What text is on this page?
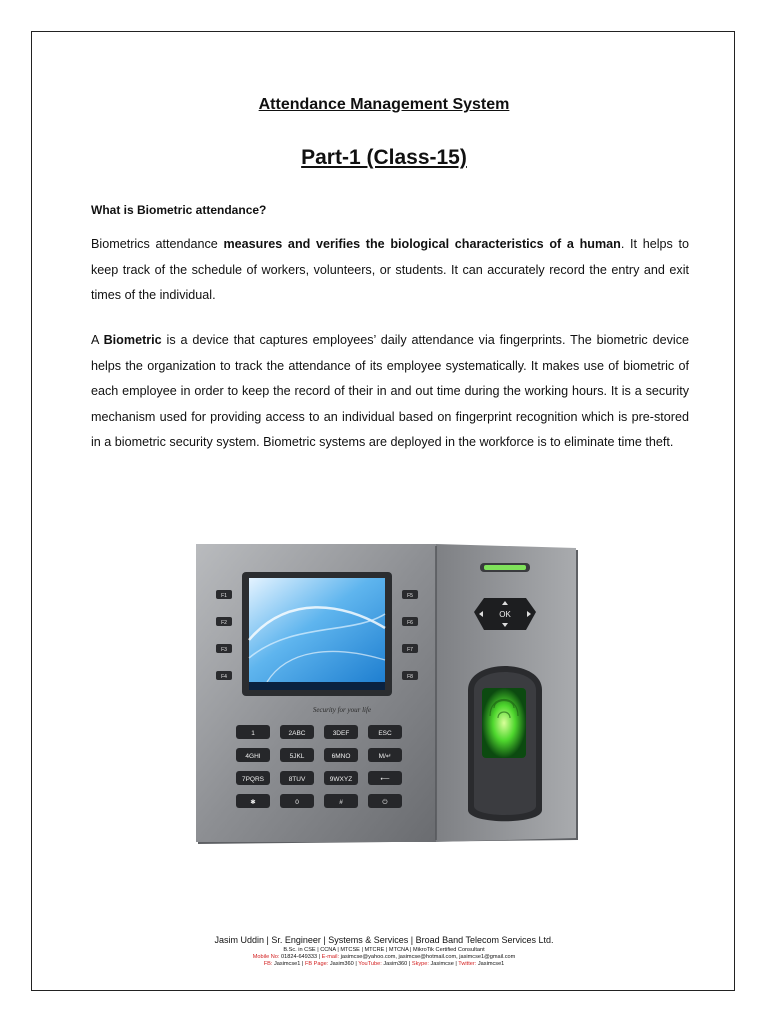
Attendance Management System
Part-1 (Class-15)
What is Biometric attendance?

Biometrics attendance measures and verifies the biological characteristics of a human. It helps to keep track of the schedule of workers, volunteers, or students. It can accurately record the entry and exit times of the individual.

A Biometric is a device that captures employees’ daily attendance via fingerprints. The biometric device helps the organization to track the attendance of its employee systematically. It makes use of biometric of each employee in order to keep the record of their in and out time during the working hours. It is a security mechanism used for providing access to an individual based on fingerprint recognition which is pre-stored in a biometric security system. Biometric systems are deployed in the workforce is to eliminate time theft.

Security for your life
F1
F2
F3
F4
F5
F6
F7
F8
1	2ABC	3DEF	ESC
4GHI	5JKL	6MNO	M/↵
7PQRS	8TUV	9WXYZ	⟵
✱	0	#	⏻
OK
Jasim Uddin | Sr. Engineer | Systems & Services | Broad Band Telecom Services Ltd.
B.Sc. in CSE | CCNA | MTCSE | MTCRE | MTCNA | MikroTik Certified Consultant
Mobile No: 01824-649333 | E-mail: jasimcse@yahoo.com, jasimcse@hotmail.com, jasimcse1@gmail.com
FB: Jasimcse1 | FB Page: Jasim360 | YouTube: Jasim360 | Skype: Jasimcse | Twitter: Jasimcse1
